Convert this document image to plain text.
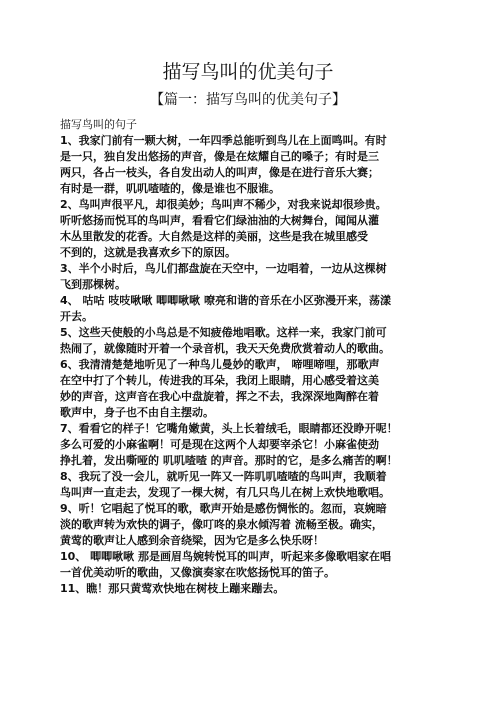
描写鸟叫的优美句子

【篇一：描写鸟叫的优美句子】

描写鸟叫的句子
1、我家门前有一颗大树，一年四季总能听到鸟儿在上面鸣叫。有时
是一只，独自发出悠扬的声音，像是在炫耀自己的嗓子；有时是三
两只，各占一枝头，各自发出动人的叫声，像是在进行音乐大赛；
有时是一群，叽叽喳喳的，像是谁也不服谁。
2、鸟叫声很平凡，却很美妙；鸟叫声不稀少，对我来说却很珍贵。
听听悠扬而悦耳的鸟叫声，看看它们绿油油的大树舞台，闻闻从灌
木丛里散发的花香。大自然是这样的美丽，这些是我在城里感受
不到的，这就是我喜欢乡下的原因。
3、半个小时后，鸟儿们都盘旋在天空中，一边唱着，一边从这棵树
飞到那棵树。
4、 咕咕 吱吱啾啾 唧唧啾啾 嘹亮和谐的音乐在小区弥漫开来，荡漾
开去。
5、这些天使般的小鸟总是不知疲倦地唱歌。这样一来，我家门前可
热闹了，就像随时开着一个录音机，我天天免费欣赏着动人的歌曲。
6、我清清楚楚地听见了一种鸟儿曼妙的歌声， 啼哩啼哩，那歌声
在空中打了个转儿，传进我的耳朵，我闭上眼睛，用心感受着这美
妙的声音，这声音在我心中盘旋着，挥之不去，我深深地陶醉在着
歌声中，身子也不由自主摆动。
7、看看它的样子！它嘴角嫩黄，头上长着绒毛，眼睛都还没睁开呢！
多么可爱的小麻雀啊！可是现在这两个人却要宰杀它！小麻雀使劲
挣扎着，发出嘶哑的 叽叽喳喳 的声音。那时的它，是多么痛苦的啊！
8、我玩了没一会儿，就听见一阵又一阵叽叽喳喳的鸟叫声，我顺着
鸟叫声一直走去，发现了一棵大树，有几只鸟儿在树上欢快地歌唱。
9、听！它唱起了悦耳的歌，歌声开始是感伤惆怅的。忽而，哀婉暗
淡的歌声转为欢快的调子，像叮咚的泉水倾泻着 流畅至极。确实，
黄莺的歌声让人感到余音绕梁，因为它是多么快乐呀！
10、 唧唧啾啾 那是画眉鸟婉转悦耳的叫声，听起来多像歌唱家在唱
一首优美动听的歌曲，又像演奏家在吹悠扬悦耳的笛子。
11、瞧！那只黄莺欢快地在树枝上蹦来蹦去。
